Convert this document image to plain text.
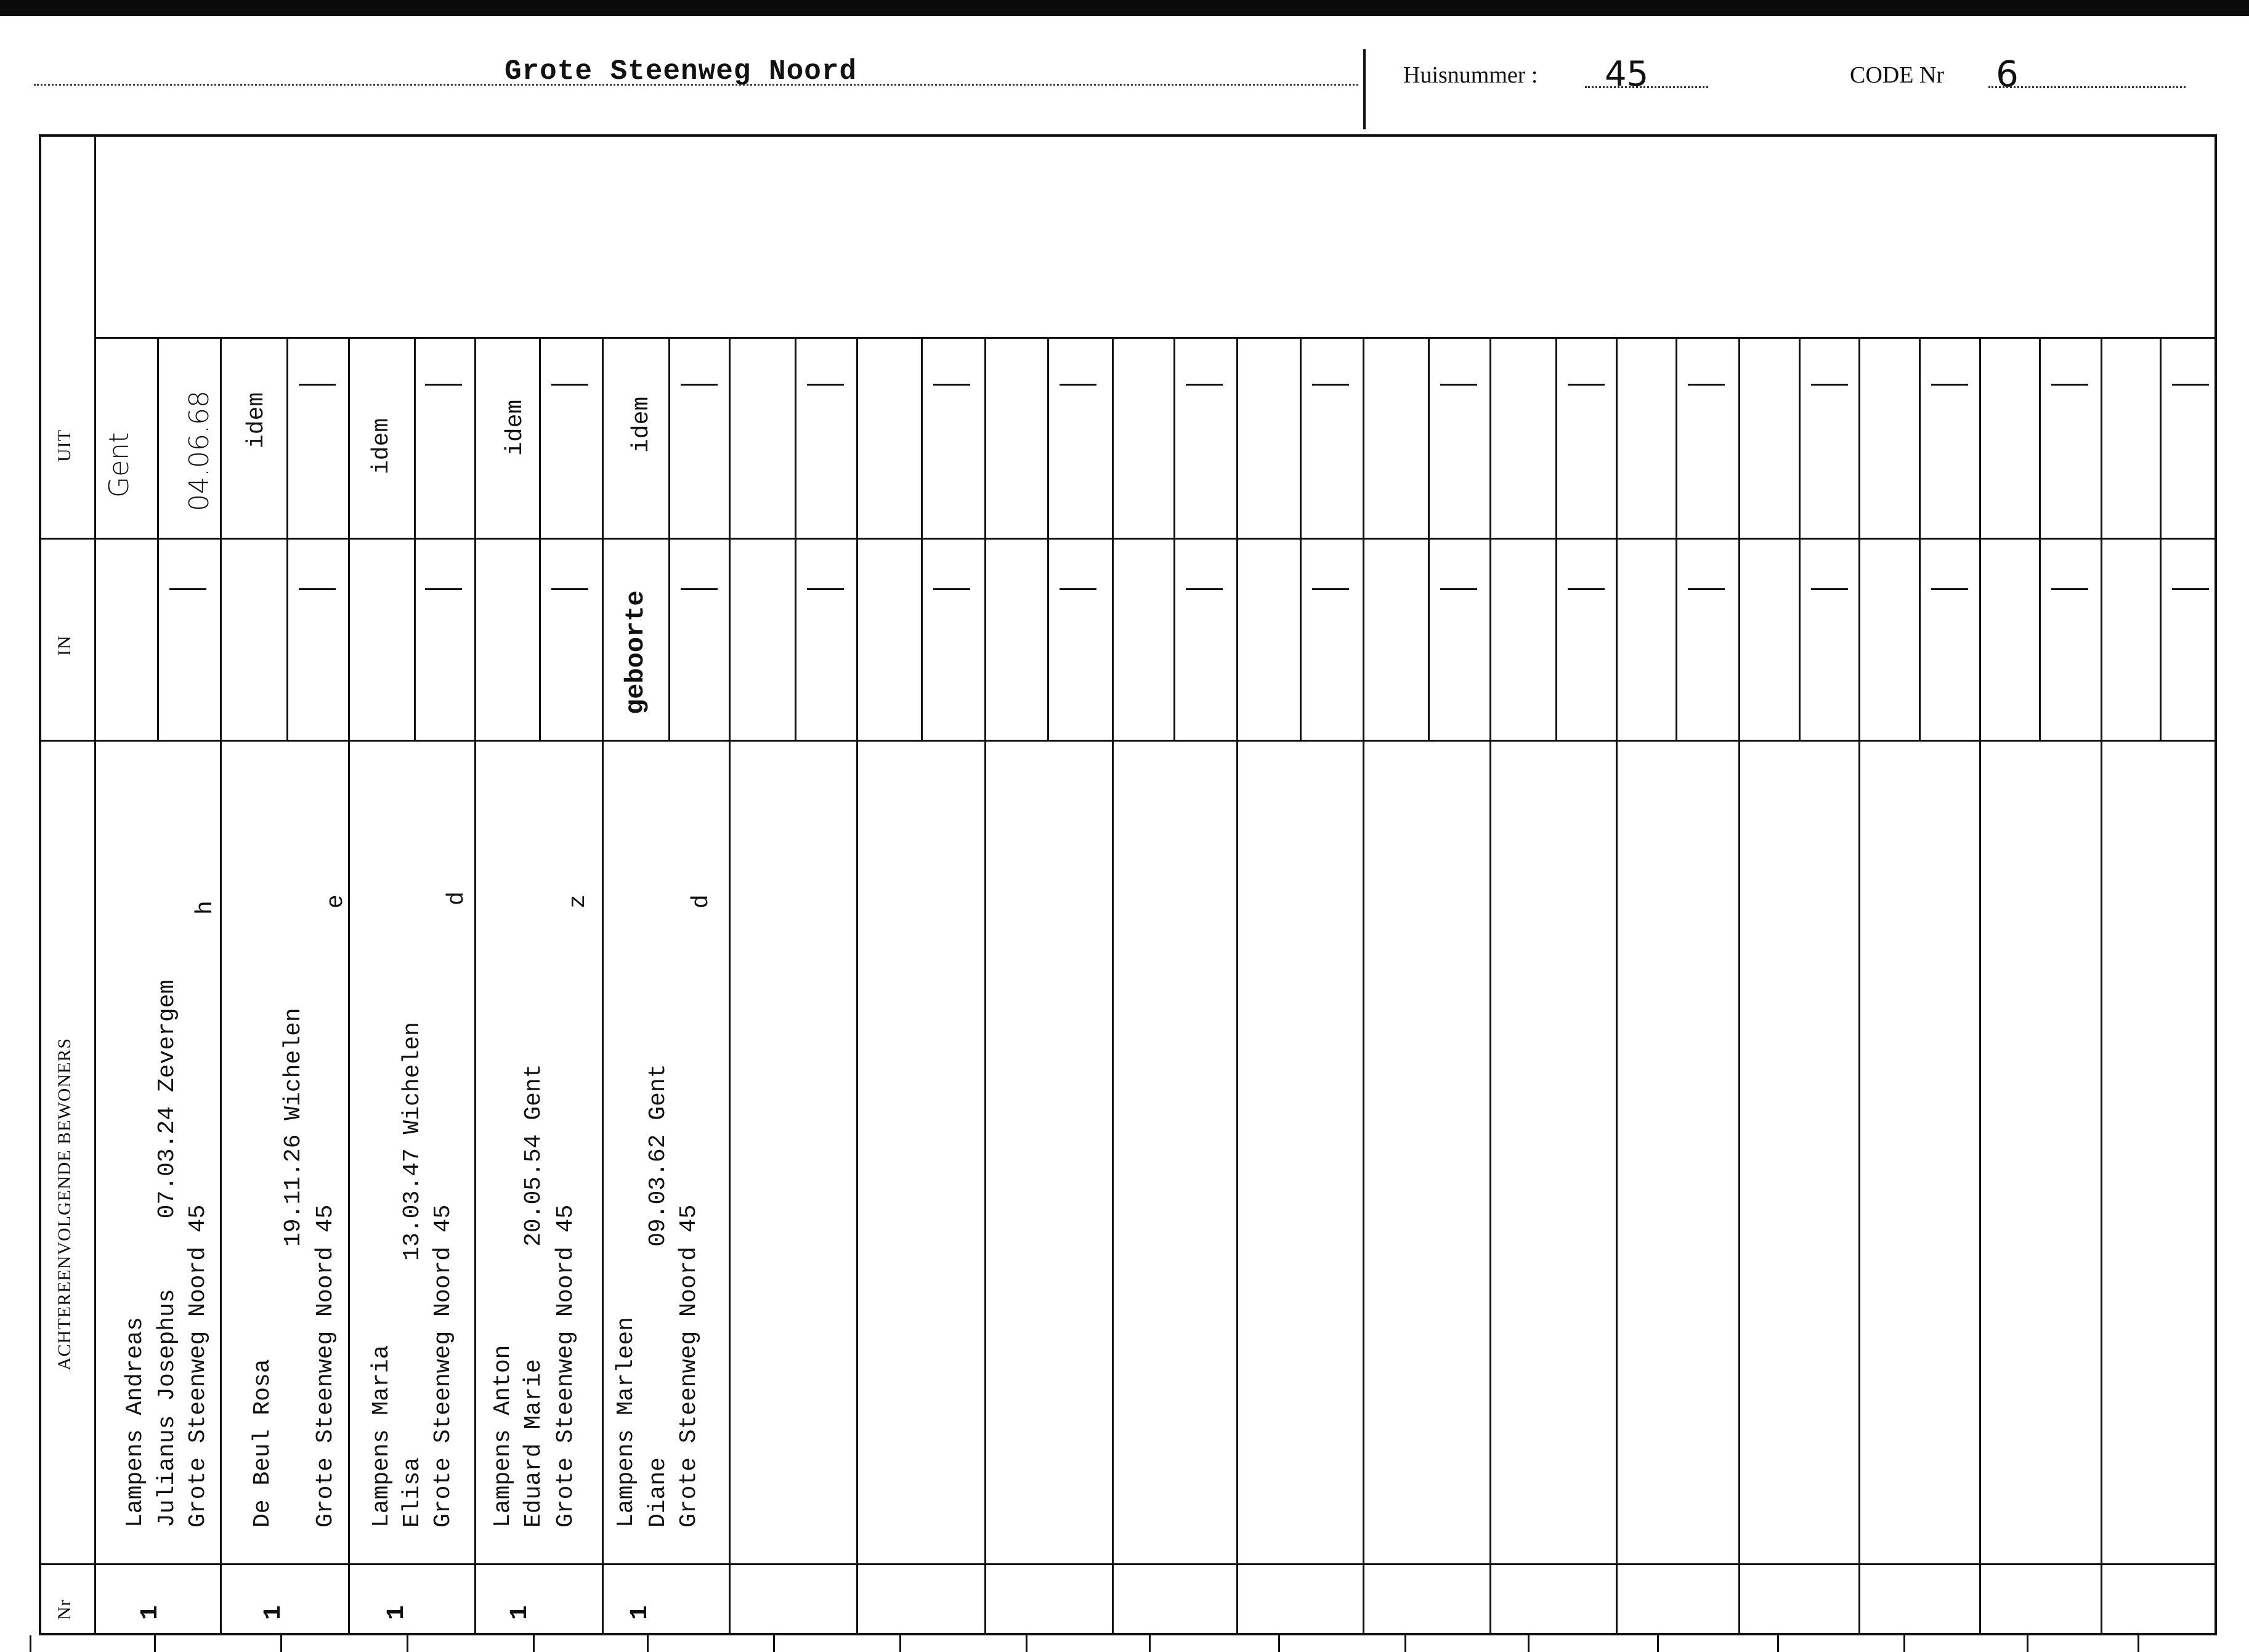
Grote Steenweg Noord	Huisnummer : 45	CODE Nr 6
UIT
IN
ACHTEREENVOLGENDE BEWONERS
Nr
Gent 04.06.68
Lampens Andreas Julianus Josephus     07.03.24 Zevergem Grote Steenweg Noord 45
h
1
idem
De Beul Rosa 19.11.26 Wichelen Grote Steenweg Noord 45
e
1
idem
Lampens Maria Elisa              13.03.47 Wichelen Grote Steenweg Noord 45
d
1
idem
Lampens Anton Eduard Marie        20.05.54 Gent Grote Steenweg Noord 45
z
1
idem
geboorte
Lampens Marleen Diane               09.03.62 Gent Grote Steenweg Noord 45
d
1
